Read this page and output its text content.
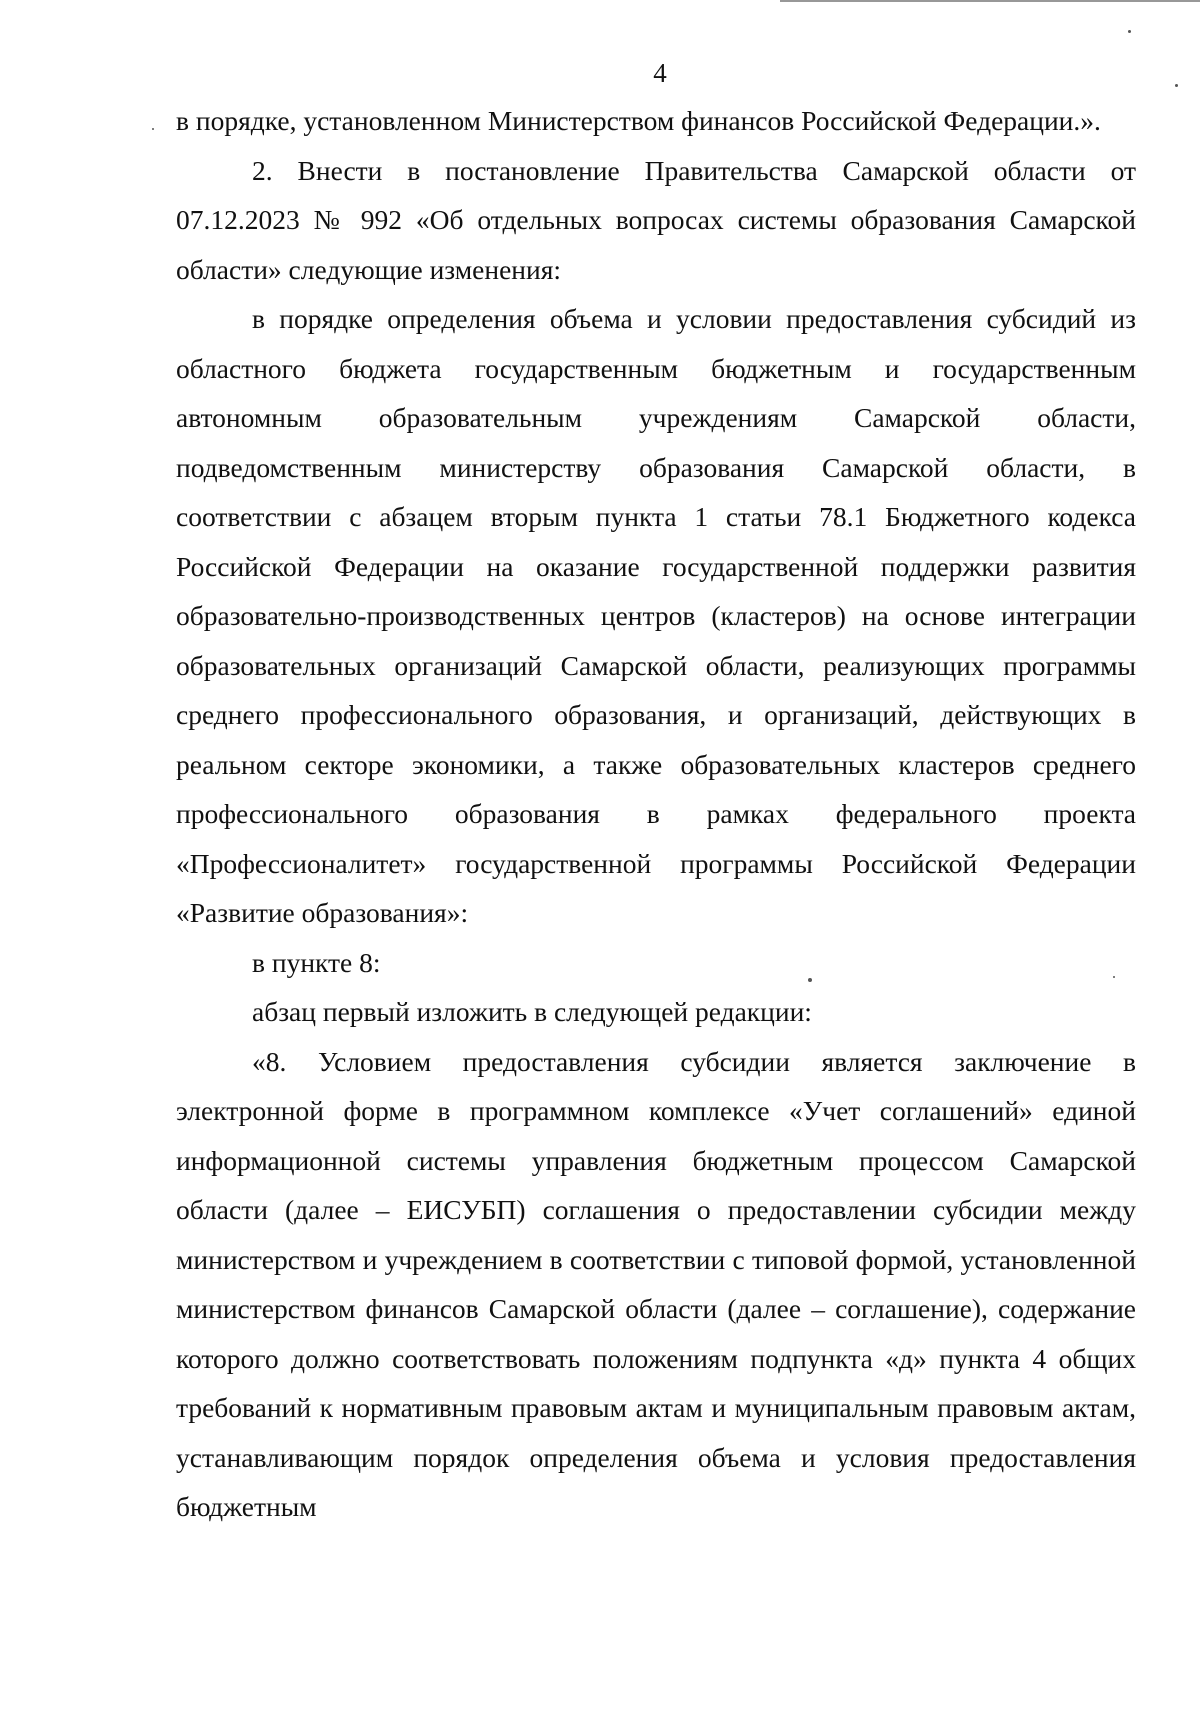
4

в порядке, установленном Министерством финансов Российской Федерации.».

2. Внести в постановление Правительства Самарской области от 07.12.2023 № 992 «Об отдельных вопросах системы образования Самарской области» следующие изменения:

в порядке определения объема и условии предоставления субсидий из областного бюджета государственным бюджетным и государственным автономным образовательным учреждениям Самарской области, подведомственным министерству образования Самарской области, в соответствии с абзацем вторым пункта 1 статьи 78.1 Бюджетного кодекса Российской Федерации на оказание государственной поддержки развития образовательно-производственных центров (кластеров) на основе интеграции образовательных организаций Самарской области, реализующих программы среднего профессионального образования, и организаций, действующих в реальном секторе экономики, а также образовательных кластеров среднего профессионального образования в рамках федерального проекта «Профессионалитет» государственной программы Российской Федерации «Развитие образования»:

в пункте 8:

абзац первый изложить в следующей редакции:

«8. Условием предоставления субсидии является заключение в электронной форме в программном комплексе «Учет соглашений» единой информационной системы управления бюджетным процессом Самарской области (далее – ЕИСУБП) соглашения о предоставлении субсидии между министерством и учреждением в соответствии с типовой формой, установленной министерством финансов Самарской области (далее – соглашение), содержание которого должно соответствовать положениям подпункта «д» пункта 4 общих требований к нормативным правовым актам и муниципальным правовым актам, устанавливающим порядок определения объема и условия предоставления бюджетным
